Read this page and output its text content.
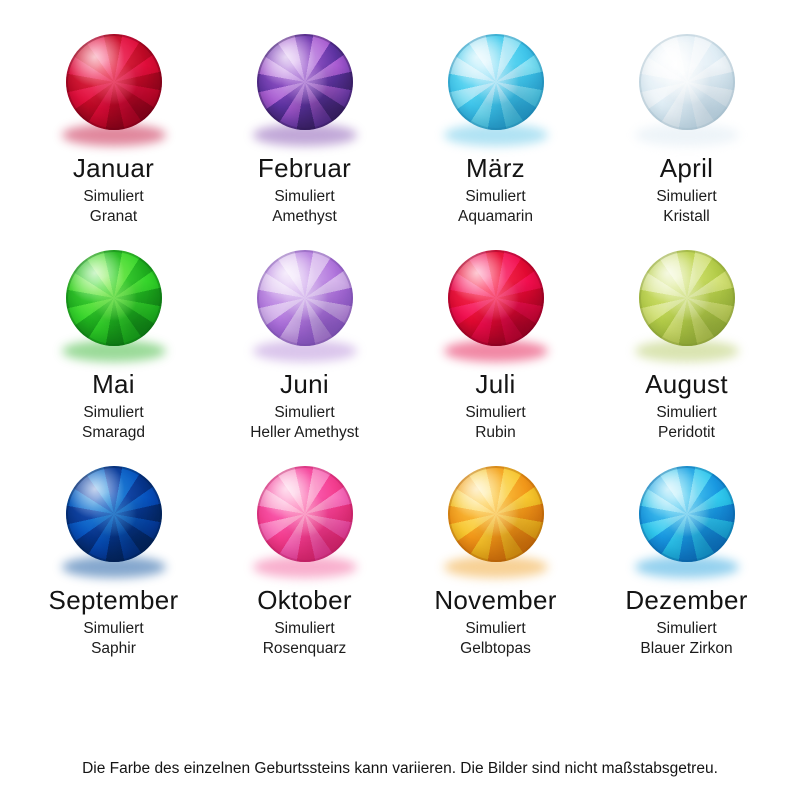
Januar
Simuliert
Granat
Februar
Simuliert
Amethyst
März
Simuliert
Aquamarin
April
Simuliert
Kristall
Mai
Simuliert
Smaragd
Juni
Simuliert
Heller Amethyst
Juli
Simuliert
Rubin
August
Simuliert
Peridotit
September
Simuliert
Saphir
Oktober
Simuliert
Rosenquarz
November
Simuliert
Gelbtopas
Dezember
Simuliert
Blauer Zirkon
Die Farbe des einzelnen Geburtssteins kann variieren. Die Bilder sind nicht maßstabsgetreu.
